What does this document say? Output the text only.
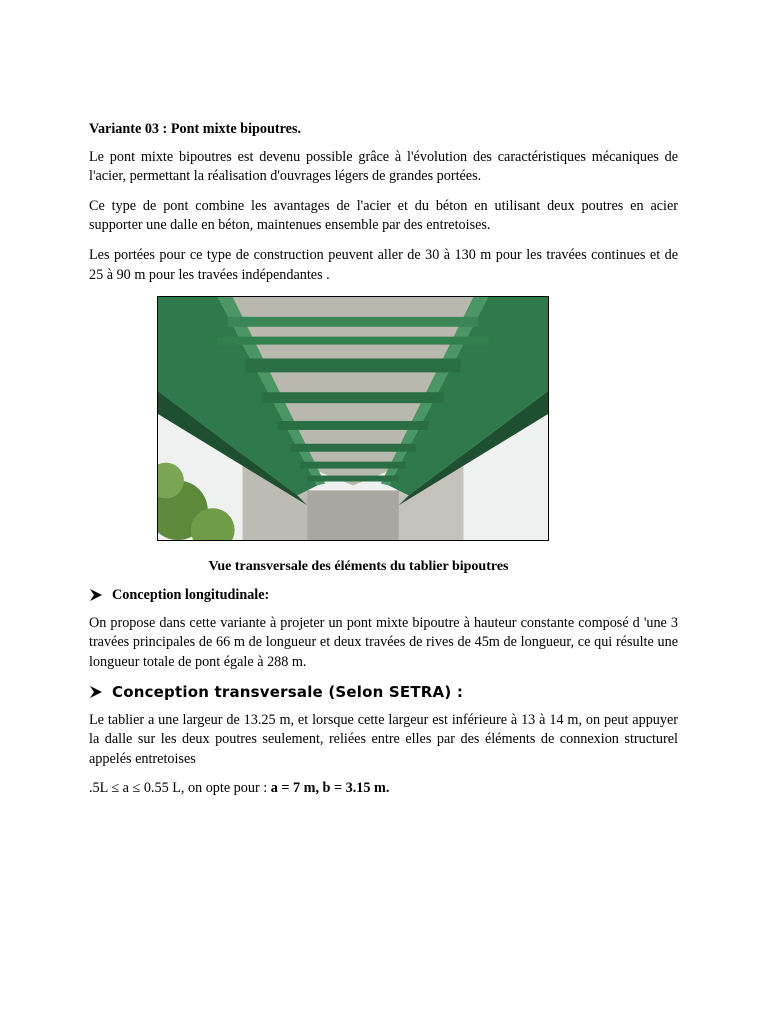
Variante 03 : Pont mixte bipoutres.

Le pont mixte bipoutres est devenu possible grâce à l'évolution des caractéristiques mécaniques de l'acier, permettant la réalisation d'ouvrages légers de grandes portées.

Ce type de pont combine les avantages de l'acier et du béton en utilisant deux poutres en acier supporter une dalle en béton, maintenues ensemble par des entretoises.

Les portées pour ce type de construction peuvent aller de 30 à 130 m pour les travées continues et de 25 à 90 m pour les travées indépendantes .

Vue transversale des éléments du tablier bipoutres

Conception longitudinale:

On propose dans cette variante à projeter un pont mixte bipoutre à hauteur constante composé d 'une 3 travées principales de 66 m de longueur et deux travées de rives de 45m de longueur, ce qui résulte une longueur totale de pont égale à 288 m.

Conception transversale (Selon SETRA) :

Le tablier a une largeur de 13.25 m, et lorsque cette largeur est inférieure à 13 à 14 m, on peut appuyer la dalle sur les deux poutres seulement, reliées entre elles par des éléments de connexion structurel appelés entretoises

.5L ≤ a ≤ 0.55 L, on opte pour : a = 7 m, b = 3.15 m.
